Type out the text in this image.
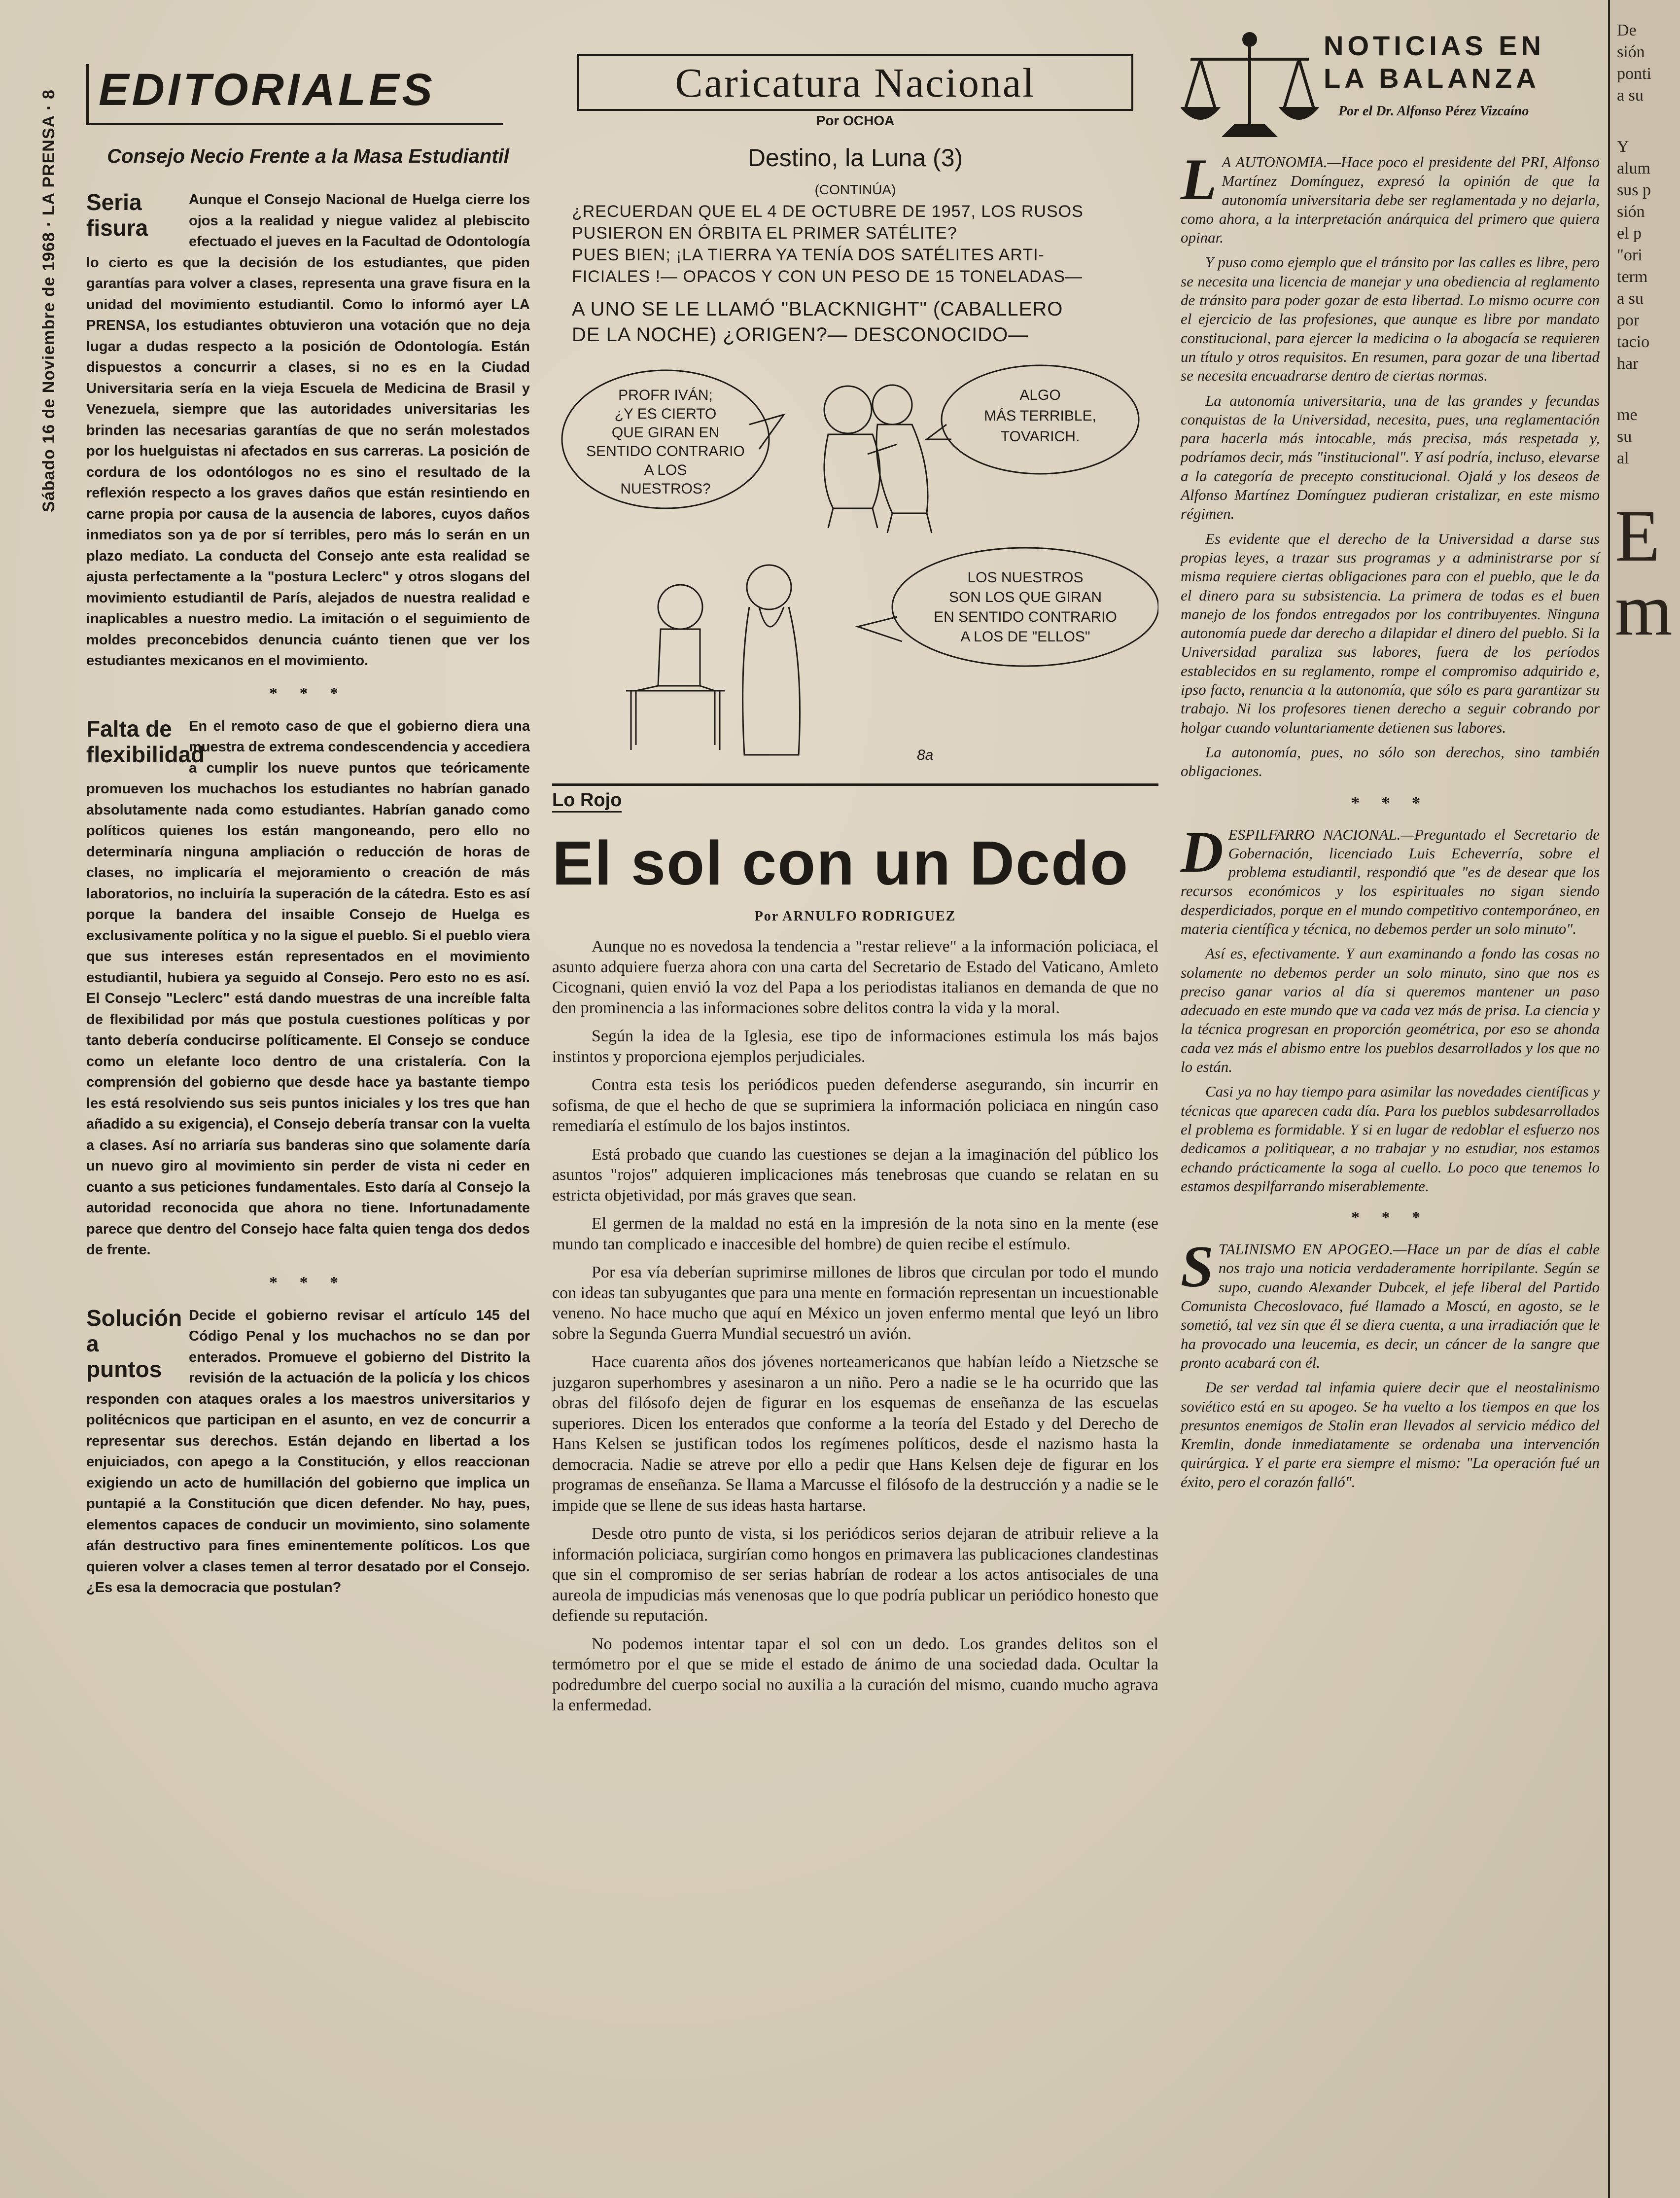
Sábado 16 de Noviembre de 1968 · LA PRENSA · 8 EDITORIALES
Consejo Necio Frente a la Masa Estudiantil
Seria fisura
Aunque el Consejo Nacional de Huelga cierre los ojos a la realidad y niegue validez al plebiscito efectuado el jueves en la Facultad de Odontología lo cierto es que la decisión de los estudiantes, que piden garantías para volver a clases, representa una grave fisura en la unidad del movimiento estudiantil. Como lo informó ayer LA PRENSA, los estudiantes obtuvieron una votación que no deja lugar a dudas respecto a la posición de Odontología. Están dispuestos a concurrir a clases, si no es en la Ciudad Universitaria sería en la vieja Escuela de Medicina de Brasil y Venezuela, siempre que las autoridades universitarias les brinden las necesarias garantías de que no serán molestados por los huelguistas ni afectados en sus carreras. La posición de cordura de los odontólogos no es sino el resultado de la reflexión respecto a los graves daños que están resintiendo en carne propia por causa de la ausencia de labores, cuyos daños inmediatos son ya de por sí terribles, pero más lo serán en un plazo mediato. La conducta del Consejo ante esta realidad se ajusta perfectamente a la "postura Leclerc" y otros slogans del movimiento estudiantil de París, alejados de nuestra realidad e inaplicables a nuestro medio. La imitación o el seguimiento de moldes preconcebidos denuncia cuánto tienen que ver los estudiantes mexicanos en el movimiento.
* * *
Falta de flexibilidad
En el remoto caso de que el gobierno diera una muestra de extrema condescendencia y accediera a cumplir los nueve puntos que teóricamente promueven los muchachos los estudiantes no habrían ganado absolutamente nada como estudiantes. Habrían ganado como políticos quienes los están mangoneando, pero ello no determinaría ninguna ampliación o reducción de horas de clases, no implicaría el mejoramiento o creación de más laboratorios, no incluiría la superación de la cátedra. Esto es así porque la bandera del insaible Consejo de Huelga es exclusivamente política y no la sigue el pueblo. Si el pueblo viera que sus intereses están representados en el movimiento estudiantil, hubiera ya seguido al Consejo. Pero esto no es así. El Consejo "Leclerc" está dando muestras de una increíble falta de flexibilidad por más que postula cuestiones políticas y por tanto debería conducirse políticamente. El Consejo se conduce como un elefante loco dentro de una cristalería. Con la comprensión del gobierno que desde hace ya bastante tiempo les está resolviendo sus seis puntos iniciales y los tres que han añadido a su exigencia), el Consejo debería transar con la vuelta a clases. Así no arriaría sus banderas sino que solamente daría un nuevo giro al movimiento sin perder de vista ni ceder en cuanto a sus peticiones fundamentales. Esto daría al Consejo la autoridad reconocida que ahora no tiene. Infortunadamente parece que dentro del Consejo hace falta quien tenga dos dedos de frente.
* * *
Solución a puntos
Decide el gobierno revisar el artículo 145 del Código Penal y los muchachos no se dan por enterados. Promueve el gobierno del Distrito la revisión de la actuación de la policía y los chicos responden con ataques orales a los maestros universitarios y politécnicos que participan en el asunto, en vez de concurrir a representar sus derechos. Están dejando en libertad a los enjuiciados, con apego a la Constitución, y ellos reaccionan exigiendo un acto de humillación del gobierno que implica un puntapié a la Constitución que dicen defender. No hay, pues, elementos capaces de conducir un movimiento, sino solamente afán destructivo para fines eminentemente políticos. Los que quieren volver a clases temen al terror desatado por el Consejo. ¿Es esa la democracia que postulan?
Caricatura Nacional
Por OCHOA
Destino, la Luna (3)
(CONTINÚA)
¿RECUERDAN QUE EL 4 DE OCTUBRE DE 1957, LOS RUSOS
PUSIERON EN ÓRBITA EL PRIMER SATÉLITE?
PUES BIEN; ¡LA TIERRA YA TENÍA DOS SATÉLITES ARTI-
FICIALES !— OPACOS Y CON UN PESO DE 15 TONELADAS—
A UNO SE LE LLAMÓ "BLACKNIGHT" (CABALLERO
DE LA NOCHE) ¿ORIGEN?— DESCONOCIDO—
PROFR IVÁN;
¿Y ES CIERTO
QUE GIRAN EN
SENTIDO CONTRARIO
A LOS
NUESTROS?
ALGO
MÁS TERRIBLE,
TOVARICH.
LOS NUESTROS
SON LOS QUE GIRAN
EN SENTIDO CONTRARIO
A LOS DE "ELLOS"
8a
Lo Rojo
El sol con un Dcdo
Por ARNULFO RODRIGUEZ

Aunque no es novedosa la tendencia a "restar relieve" a la información policiaca, el asunto adquiere fuerza ahora con una carta del Secretario de Estado del Vaticano, Amleto Cicognani, quien envió la voz del Papa a los periodistas italianos en demanda de que no den prominencia a las informaciones sobre delitos contra la vida y la moral.

Según la idea de la Iglesia, ese tipo de informaciones estimula los más bajos instintos y proporciona ejemplos perjudiciales.

Contra esta tesis los periódicos pueden defenderse asegurando, sin incurrir en sofisma, de que el hecho de que se suprimiera la información policiaca en ningún caso remediaría el estímulo de los bajos instintos.

Está probado que cuando las cuestiones se dejan a la imaginación del público los asuntos "rojos" adquieren implicaciones más tenebrosas que cuando se relatan en su estricta objetividad, por más graves que sean.

El germen de la maldad no está en la impresión de la nota sino en la mente (ese mundo tan complicado e inaccesible del hombre) de quien recibe el estímulo.

Por esa vía deberían suprimirse millones de libros que circulan por todo el mundo con ideas tan subyugantes que para una mente en formación representan un incuestionable veneno. No hace mucho que aquí en México un joven enfermo mental que leyó un libro sobre la Segunda Guerra Mundial secuestró un avión.

Hace cuarenta años dos jóvenes norteamericanos que habían leído a Nietzsche se juzgaron superhombres y asesinaron a un niño. Pero a nadie se le ha ocurrido que las obras del filósofo dejen de figurar en los esquemas de enseñanza de las escuelas superiores. Dicen los enterados que conforme a la teoría del Estado y del Derecho de Hans Kelsen se justifican todos los regímenes políticos, desde el nazismo hasta la democracia. Nadie se atreve por ello a pedir que Hans Kelsen deje de figurar en los programas de enseñanza. Se llama a Marcusse el filósofo de la destrucción y a nadie se le impide que se llene de sus ideas hasta hartarse.

Desde otro punto de vista, si los periódicos serios dejaran de atribuir relieve a la información policiaca, surgirían como hongos en primavera las publicaciones clandestinas que sin el compromiso de ser serias habrían de rodear a los actos antisociales de una aureola de impudicias más venenosas que lo que podría publicar un periódico honesto que defiende su reputación.

No podemos intentar tapar el sol con un dedo. Los grandes delitos son el termómetro por el que se mide el estado de ánimo de una sociedad dada. Ocultar la podredumbre del cuerpo social no auxilia a la curación del mismo, cuando mucho agrava la enfermedad.

NOTICIAS EN
LA BALANZA
Por el Dr. Alfonso Pérez Vizcaíno
L A AUTONOMIA.—Hace poco el presidente del PRI, Alfonso Martínez Domínguez, expresó la opinión de que la autonomía universitaria debe ser reglamentada y no dejarla, como ahora, a la interpretación anárquica del primero que quiera opinar.

Y puso como ejemplo que el tránsito por las calles es libre, pero se necesita una licencia de manejar y una obediencia al reglamento de tránsito para poder gozar de esta libertad. Lo mismo ocurre con el ejercicio de las profesiones, que aunque es libre por mandato constitucional, para ejercer la medicina o la abogacía se requieren un título y otros requisitos. En resumen, para gozar de una libertad se necesita encuadrarse dentro de ciertas normas.

La autonomía universitaria, una de las grandes y fecundas conquistas de la Universidad, necesita, pues, una reglamentación para hacerla más intocable, más precisa, más respetada y, podríamos decir, más "institucional". Y así podría, incluso, elevarse a la categoría de precepto constitucional. Ojalá y los deseos de Alfonso Martínez Domínguez pudieran cristalizar, en este mismo régimen.

Es evidente que el derecho de la Universidad a darse sus propias leyes, a trazar sus programas y a administrarse por sí misma requiere ciertas obligaciones para con el pueblo, que le da el dinero para su subsistencia. La primera de todas es el buen manejo de los fondos entregados por los contribuyentes. Ninguna autonomía puede dar derecho a dilapidar el dinero del pueblo. Si la Universidad paraliza sus labores, fuera de los períodos establecidos en su reglamento, rompe el compromiso adquirido e, ipso facto, renuncia a la autonomía, que sólo es para garantizar su trabajo. Ni los profesores tienen derecho a seguir cobrando por holgar cuando voluntariamente detienen sus labores.

La autonomía, pues, no sólo son derechos, sino también obligaciones.

* * *
D ESPILFARRO NACIONAL.—Preguntado el Secretario de Gobernación, licenciado Luis Echeverría, sobre el problema estudiantil, respondió que "es de desear que los recursos económicos y los espirituales no sigan siendo desperdiciados, porque en el mundo competitivo contemporáneo, en materia científica y técnica, no debemos perder un solo minuto".

Así es, efectivamente. Y aun examinando a fondo las cosas no solamente no debemos perder un solo minuto, sino que nos es preciso ganar varios al día si queremos mantener un paso adecuado en este mundo que va cada vez más de prisa. La ciencia y la técnica progresan en proporción geométrica, por eso se ahonda cada vez más el abismo entre los pueblos desarrollados y los que no lo están.

Casi ya no hay tiempo para asimilar las novedades científicas y técnicas que aparecen cada día. Para los pueblos subdesarrollados el problema es formidable. Y si en lugar de redoblar el esfuerzo nos dedicamos a politiquear, a no trabajar y no estudiar, nos estamos echando prácticamente la soga al cuello. Lo poco que tenemos lo estamos despilfarrando miserablemente.

* * *
S TALINISMO EN APOGEO.—Hace un par de días el cable nos trajo una noticia verdaderamente horripilante. Según se supo, cuando Alexander Dubcek, el jefe liberal del Partido Comunista Checoslovaco, fué llamado a Moscú, en agosto, se le sometió, tal vez sin que él se diera cuenta, a una irradiación que le ha provocado una leucemia, es decir, un cáncer de la sangre que pronto acabará con él.

De ser verdad tal infamia quiere decir que el neostalinismo soviético está en su apogeo. Se ha vuelto a los tiempos en que los presuntos enemigos de Stalin eran llevados al servicio médico del Kremlin, donde inmediatamente se ordenaba una intervención quirúrgica. Y el parte era siempre el mismo: "La operación fué un éxito, pero el corazón falló".

De
sión
ponti
a su
Y
alum
sus p
sión
el p
"ori
term
a su
por
tacio
har
me
su
al
E
m
